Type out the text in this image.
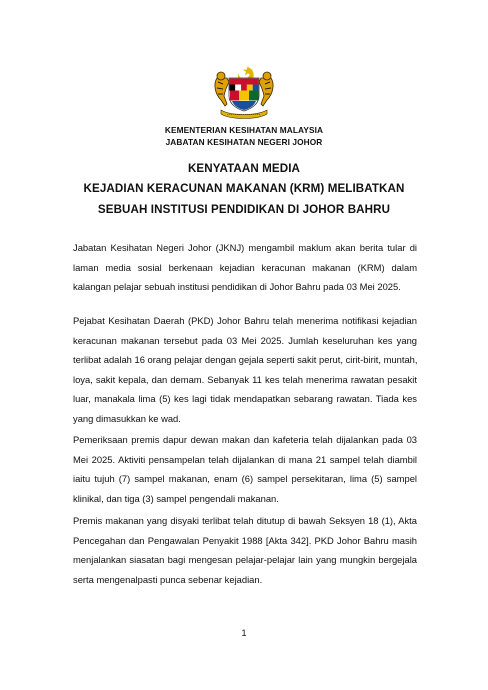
KEMENTERIAN KESIHATAN MALAYSIA
JABATAN KESIHATAN NEGERI JOHOR
KENYATAAN MEDIA
KEJADIAN KERACUNAN MAKANAN (KRM) MELIBATKAN
SEBUAH INSTITUSI PENDIDIKAN DI JOHOR BAHRU
Jabatan Kesihatan Negeri Johor (JKNJ) mengambil maklum akan berita tular di
laman media sosial berkenaan kejadian keracunan makanan (KRM) dalam
kalangan pelajar sebuah institusi pendidikan di Johor Bahru pada 03 Mei 2025.
Pejabat Kesihatan Daerah (PKD) Johor Bahru telah menerima notifikasi kejadian
keracunan makanan tersebut pada 03 Mei 2025. Jumlah keseluruhan kes yang
terlibat adalah 16 orang pelajar dengan gejala seperti sakit perut, cirit-birit, muntah,
loya, sakit kepala, dan demam. Sebanyak 11 kes telah menerima rawatan pesakit
luar, manakala lima (5) kes lagi tidak mendapatkan sebarang rawatan. Tiada kes
yang dimasukkan ke wad.
Pemeriksaan premis dapur dewan makan dan kafeteria telah dijalankan pada 03
Mei 2025. Aktiviti pensampelan telah dijalankan di mana 21 sampel telah diambil
iaitu tujuh (7) sampel makanan, enam (6) sampel persekitaran, lima (5) sampel
klinikal, dan tiga (3) sampel pengendali makanan.
Premis makanan yang disyaki terlibat telah ditutup di bawah Seksyen 18 (1), Akta
Pencegahan dan Pengawalan Penyakit 1988 [Akta 342]. PKD Johor Bahru masih
menjalankan siasatan bagi mengesan pelajar-pelajar lain yang mungkin bergejala
serta mengenalpasti punca sebenar kejadian.
1
